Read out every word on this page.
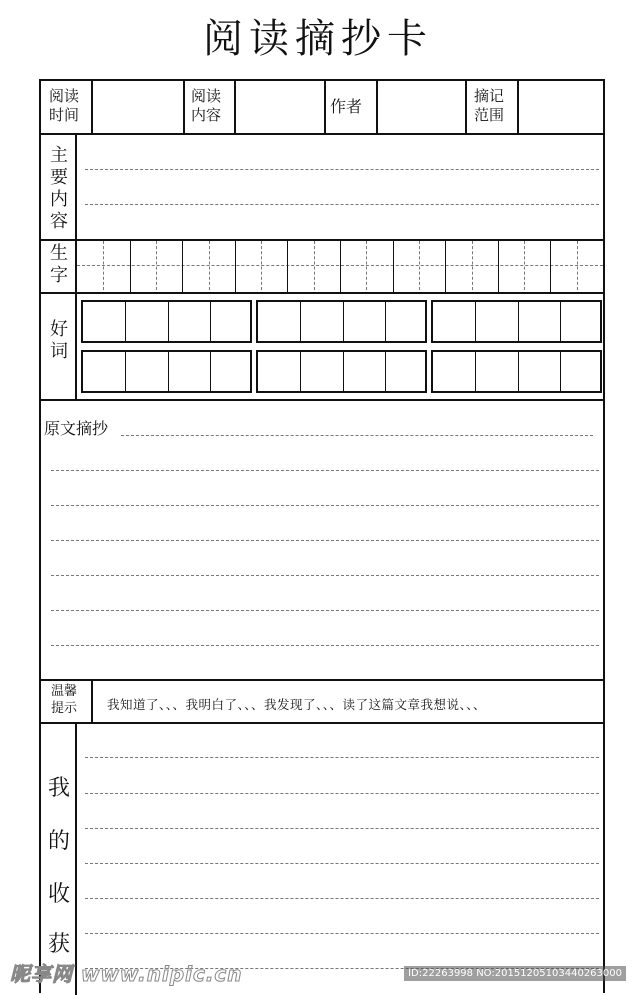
阅读摘抄卡
阅读
时间
阅读
内容	作者
摘记
范围
主
要
内
容
生
字
好
词
原文摘抄
温馨
提示 我知道了、、、我明白了、、、我发现了、、、读了这篇文章我想说、、、
我
的
收
获
昵享网 www.nipic.cn	ID:22263998 NO:20151205103440263000
